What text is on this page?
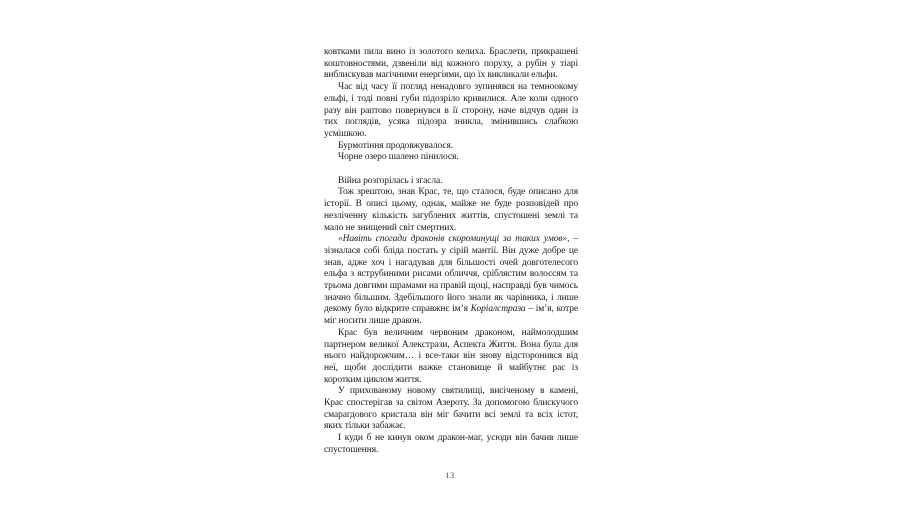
ковтками пила вино із золотого келиха. Браслети, прикрашені коштовностями, дзвеніли від кожного поруху, а рубін у тіарі виблискував магічними енергіями, що їх викликали ельфи.

Час від часу її погляд ненадовго зупинявся на темноокому ельфі, і тоді повні губи підозріло кривилися. Але коли одного разу він раптово повернувся в її сторону, наче відчув один із тих поглядів, усяка підозра зникла, змінившись слабкою усмішкою.

Бурмотіння продовжувалося.

Чорне озеро шалено пінилося.

Війна розгорілась і згасла.

Тож зрештою, знав Крас, те, що сталося, буде описано для історії. В описі цьому, однак, майже не буде розповідей про незліченну кількість загублених життів, спустошені землі та мало не знищений світ смертних.

«Навіть спогади драконів скороминущі за таких умов», – зізналася собі бліда постать у сірій мантії. Він дуже добре це знав, адже хоч і нагадував для більшості очей довготелесого ельфа з яструбиними рисами обличчя, сріблястим волоссям та трьома довгими шрамами на правій щоці, насправді був чимось значно більшим. Здебільшого його знали як чарівника, і лише декому було відкрите справжнє ім’я Коріалстраза – ім’я, котре міг носити лише дракон.

Крас був величним червоним драконом, наймолодшим партнером великої Алекстрази, Аспекта Життя. Вона була для нього найдорожчим… і все-таки він знову відсторонився від неї, щоби дослідити важке становище й майбутнє рас із коротким циклом життя.

У прихованому новому святилищі, висіченому в камені, Крас спостерігав за світом Азероту. За допомогою блискучого смарагдового кристала він міг бачити всі землі та всіх істот, яких тільки забажає.

І куди б не кинув оком дракон-маг, усюди він бачив лише спустошення.

13
